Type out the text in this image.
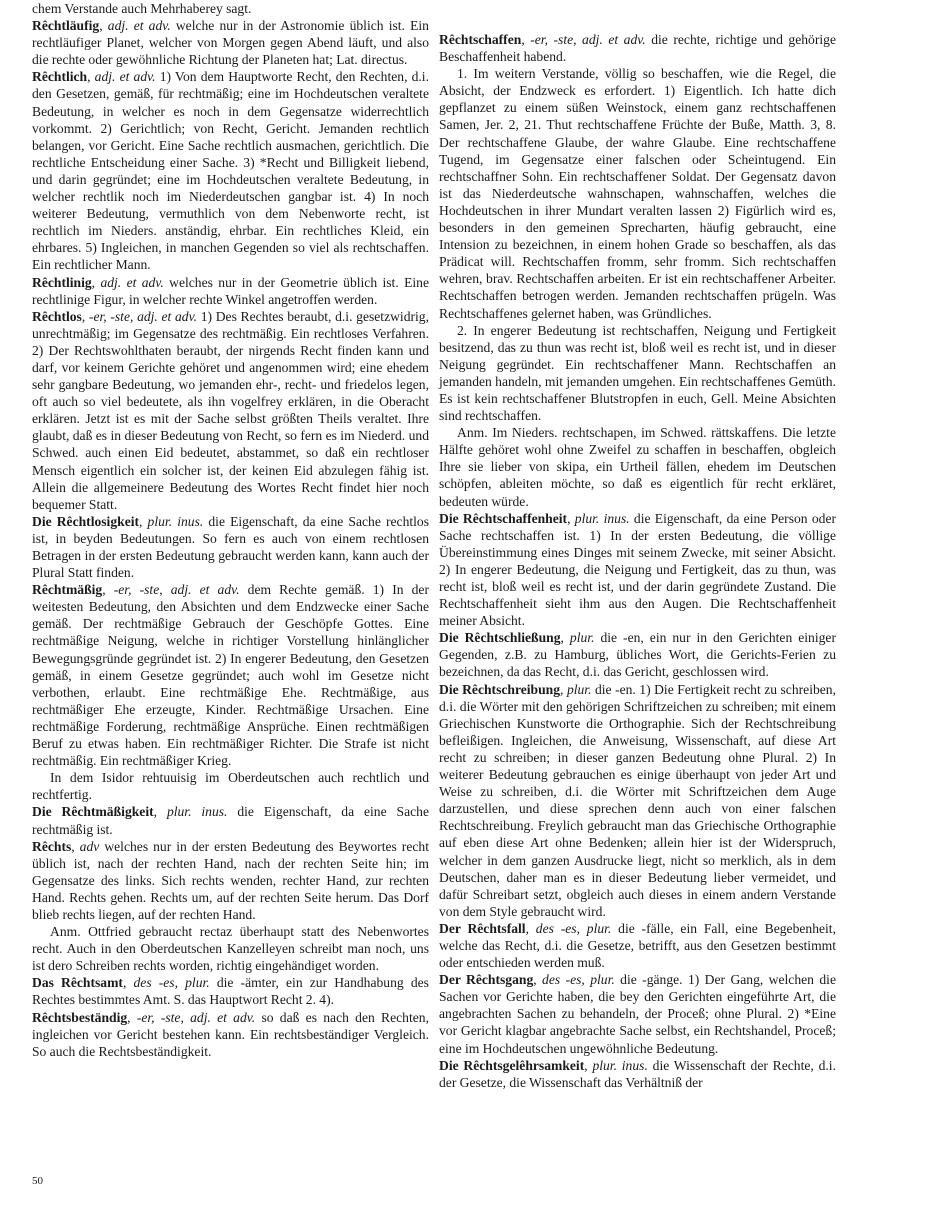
chem Verstande auch Mehrhaberey sagt.

Rêchtläufig, adj. et adv. welche nur in der Astronomie üblich ist. Ein rechtläufiger Planet, welcher von Morgen gegen Abend läuft, und also die rechte oder gewöhnliche Richtung der Planeten hat; Lat. directus.

Rêchtlich, adj. et adv. 1) Von dem Hauptworte Recht, den Rechten, d.i. den Gesetzen, gemäß, für rechtmäßig; eine im Hochdeutschen veraltete Bedeutung, in welcher es noch in dem Gegensatze widerrechtlich vorkommt. 2) Gerichtlich; von Recht, Gericht. Jemanden rechtlich belangen, vor Gericht. Eine Sache rechtlich ausmachen, gerichtlich. Die rechtliche Entscheidung einer Sache. 3) *Recht und Billigkeit liebend, und darin gegründet; eine im Hochdeutschen veraltete Bedeutung, in welcher rechtlik noch im Niederdeutschen gangbar ist. 4) In noch weiterer Bedeutung, vermuthlich von dem Nebenworte recht, ist rechtlich im Nieders. anständig, ehrbar. Ein rechtliches Kleid, ein ehrbares. 5) Ingleichen, in manchen Gegenden so viel als rechtschaffen. Ein rechtlicher Mann.

Rêchtlinig, adj. et adv. welches nur in der Geometrie üblich ist. Eine rechtlinige Figur, in welcher rechte Winkel angetroffen werden.

Rêchtlos, -er, -ste, adj. et adv. 1) Des Rechtes beraubt, d.i. gesetzwidrig, unrechtmäßig; im Gegensatze des rechtmäßig. Ein rechtloses Verfahren. 2) Der Rechtswohlthaten beraubt, der nirgends Recht finden kann und darf, vor keinem Gerichte gehöret und angenommen wird; eine ehedem sehr gangbare Bedeutung, wo jemanden ehr-, recht- und friedelos legen, oft auch so viel bedeutete, als ihn vogelfrey erklären, in die Oberacht erklären. Jetzt ist es mit der Sache selbst größten Theils veraltet. Ihre glaubt, daß es in dieser Bedeutung von Recht, so fern es im Niederd. und Schwed. auch einen Eid bedeutet, abstammet, so daß ein rechtloser Mensch eigentlich ein solcher ist, der keinen Eid abzulegen fähig ist. Allein die allgemeinere Bedeutung des Wortes Recht findet hier noch bequemer Statt.

Die Rêchtlosigkeit, plur. inus. die Eigenschaft, da eine Sache rechtlos ist, in beyden Bedeutungen. So fern es auch von einem rechtlosen Betragen in der ersten Bedeutung gebraucht werden kann, kann auch der Plural Statt finden.

Rêchtmäßig, -er, -ste, adj. et adv. dem Rechte gemäß. 1) In der weitesten Bedeutung, den Absichten und dem Endzwecke einer Sache gemäß. Der rechtmäßige Gebrauch der Geschöpfe Gottes. Eine rechtmäßige Neigung, welche in richtiger Vorstellung hinlänglicher Bewegungsgründe gegründet ist. 2) In engerer Bedeutung, den Gesetzen gemäß, in einem Gesetze gegründet; auch wohl im Gesetze nicht verbothen, erlaubt. Eine rechtmäßige Ehe. Rechtmäßige, aus rechtmäßiger Ehe erzeugte, Kinder. Rechtmäßige Ursachen. Eine rechtmäßige Forderung, rechtmäßige Ansprüche. Einen rechtmäßigen Beruf zu etwas haben. Ein rechtmäßiger Richter. Die Strafe ist nicht rechtmäßig. Ein rechtmäßiger Krieg.

In dem Isidor rehtuuisig im Oberdeutschen auch rechtlich und rechtfertig.

Die Rêchtmäßigkeit, plur. inus. die Eigenschaft, da eine Sache rechtmäßig ist.

Rêchts, adv welches nur in der ersten Bedeutung des Beywortes recht üblich ist, nach der rechten Hand, nach der rechten Seite hin; im Gegensatze des links. Sich rechts wenden, rechter Hand, zur rechten Hand. Rechts gehen. Rechts um, auf der rechten Seite herum. Das Dorf blieb rechts liegen, auf der rechten Hand.

Anm. Ottfried gebraucht rectaz überhaupt statt des Nebenwortes recht. Auch in den Oberdeutschen Kanzelleyen schreibt man noch, uns ist dero Schreiben rechts worden, richtig eingehändiget worden.

Das Rêchtsamt, des -es, plur. die -ämter, ein zur Handhabung des Rechtes bestimmtes Amt. S. das Hauptwort Recht 2. 4).

Rêchtsbeständig, -er, -ste, adj. et adv. so daß es nach den Rechten, ingleichen vor Gericht bestehen kann. Ein rechtsbeständiger Vergleich. So auch die Rechtsbeständigkeit.

Rêchtschaffen, -er, -ste, adj. et adv. die rechte, richtige und gehörige Beschaffenheit habend.

1. Im weitern Verstande, völlig so beschaffen, wie die Regel, die Absicht, der Endzweck es erfordert. 1) Eigentlich. Ich hatte dich gepflanzet zu einem süßen Weinstock, einem ganz rechtschaffenen Samen, Jer. 2, 21. Thut rechtschaffene Früchte der Buße, Matth. 3, 8. Der rechtschaffene Glaube, der wahre Glaube. Eine rechtschaffene Tugend, im Gegensatze einer falschen oder Scheintugend. Ein rechtschaffner Sohn. Ein rechtschaffener Soldat. Der Gegensatz davon ist das Niederdeutsche wahnschapen, wahnschaffen, welches die Hochdeutschen in ihrer Mundart veralten lassen 2) Figürlich wird es, besonders in den gemeinen Sprecharten, häufig gebraucht, eine Intension zu bezeichnen, in einem hohen Grade so beschaffen, als das Prädicat will. Rechtschaffen fromm, sehr fromm. Sich rechtschaffen wehren, brav. Rechtschaffen arbeiten. Er ist ein rechtschaffener Arbeiter. Rechtschaffen betrogen werden. Jemanden rechtschaffen prügeln. Was Rechtschaffenes gelernet haben, was Gründliches.

2. In engerer Bedeutung ist rechtschaffen, Neigung und Fertigkeit besitzend, das zu thun was recht ist, bloß weil es recht ist, und in dieser Neigung gegründet. Ein rechtschaffener Mann. Rechtschaffen an jemanden handeln, mit jemanden umgehen. Ein rechtschaffenes Gemüth. Es ist kein rechtschaffener Blutstropfen in euch, Gell. Meine Absichten sind rechtschaffen.

Anm. Im Nieders. rechtschapen, im Schwed. rättskaffens. Die letzte Hälfte gehöret wohl ohne Zweifel zu schaffen in beschaffen, obgleich Ihre sie lieber von skipa, ein Urtheil fällen, ehedem im Deutschen schöpfen, ableiten möchte, so daß es eigentlich für recht erkläret, bedeuten würde.

Die Rêchtschaffenheit, plur. inus. die Eigenschaft, da eine Person oder Sache rechtschaffen ist. 1) In der ersten Bedeutung, die völlige Übereinstimmung eines Dinges mit seinem Zwecke, mit seiner Absicht. 2) In engerer Bedeutung, die Neigung und Fertigkeit, das zu thun, was recht ist, bloß weil es recht ist, und der darin gegründete Zustand. Die Rechtschaffenheit sieht ihm aus den Augen. Die Rechtschaffenheit meiner Absicht.

Die Rêchtschließung, plur. die -en, ein nur in den Gerichten einiger Gegenden, z.B. zu Hamburg, übliches Wort, die Gerichts-Ferien zu bezeichnen, da das Recht, d.i. das Gericht, geschlossen wird.

Die Rêchtschreibung, plur. die -en. 1) Die Fertigkeit recht zu schreiben, d.i. die Wörter mit den gehörigen Schriftzeichen zu schreiben; mit einem Griechischen Kunstworte die Orthographie. Sich der Rechtschreibung befleißigen. Ingleichen, die Anweisung, Wissenschaft, auf diese Art recht zu schreiben; in dieser ganzen Bedeutung ohne Plural. 2) In weiterer Bedeutung gebrauchen es einige überhaupt von jeder Art und Weise zu schreiben, d.i. die Wörter mit Schriftzeichen dem Auge darzustellen, und diese sprechen denn auch von einer falschen Rechtschreibung. Freylich gebraucht man das Griechische Orthographie auf eben diese Art ohne Bedenken; allein hier ist der Widerspruch, welcher in dem ganzen Ausdrucke liegt, nicht so merklich, als in dem Deutschen, daher man es in dieser Bedeutung lieber vermeidet, und dafür Schreibart setzt, obgleich auch dieses in einem andern Verstande von dem Style gebraucht wird.

Der Rêchtsfall, des -es, plur. die -fälle, ein Fall, eine Begebenheit, welche das Recht, d.i. die Gesetze, betrifft, aus den Gesetzen bestimmt oder entschieden werden muß.

Der Rêchtsgang, des -es, plur. die -gänge. 1) Der Gang, welchen die Sachen vor Gerichte haben, die bey den Gerichten eingeführte Art, die angebrachten Sachen zu behandeln, der Proceß; ohne Plural. 2) *Eine vor Gericht klagbar angebrachte Sache selbst, ein Rechtshandel, Proceß; eine im Hochdeutschen ungewöhnliche Bedeutung.

Die Rêchtsgelêhrsamkeit, plur. inus. die Wissenschaft der Rechte, d.i. der Gesetze, die Wissenschaft das Verhältniß der

50
